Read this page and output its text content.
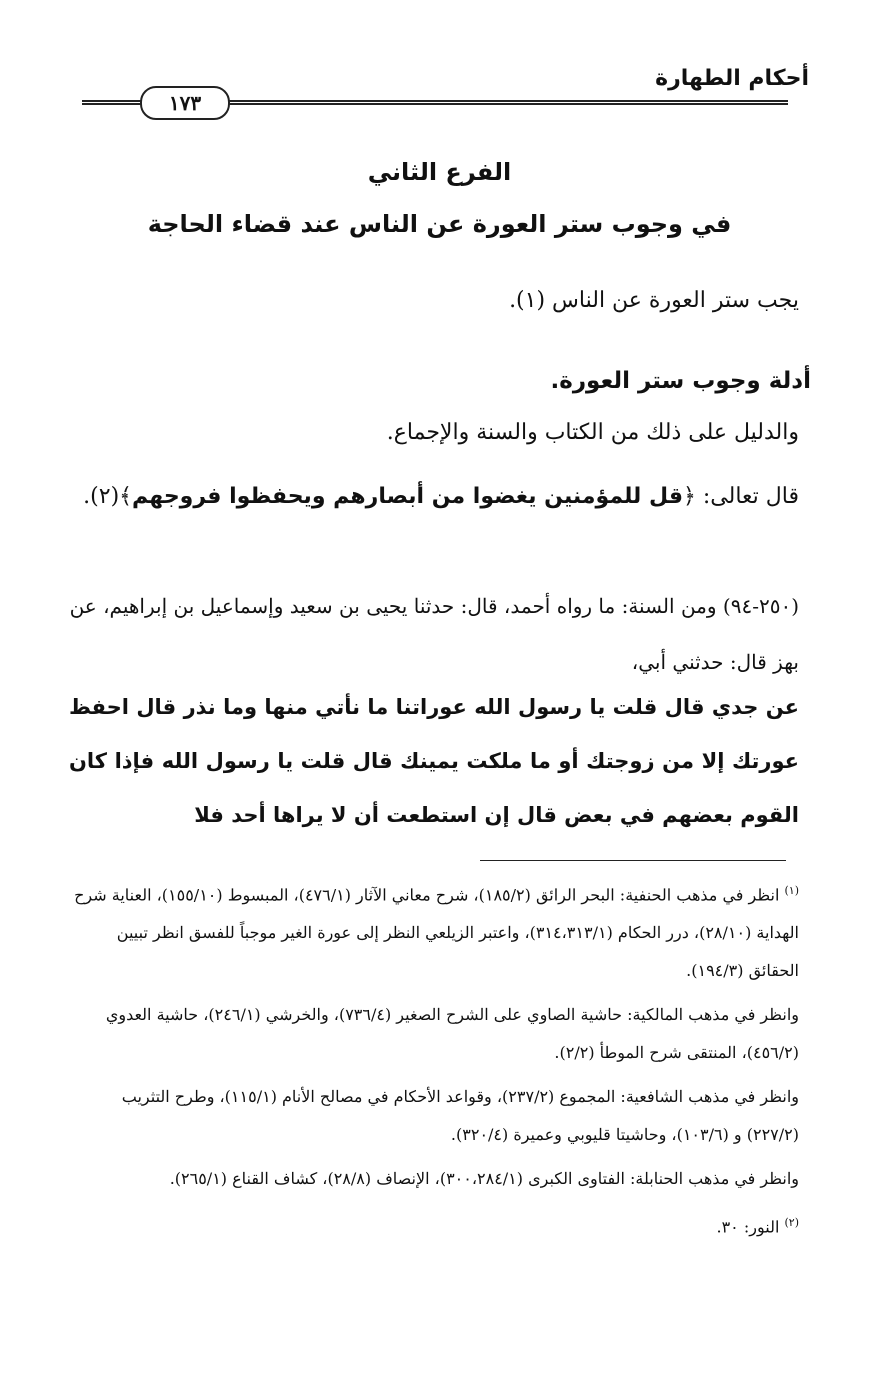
أحكام الطهارة
١٧٣
الفرع الثاني
في وجوب ستر العورة عن الناس عند قضاء الحاجة
يجب ستر العورة عن الناس (١).
أدلة وجوب ستر العورة.
والدليل على ذلك من الكتاب والسنة والإجماع.
قال تعالى: ﴿قل للمؤمنين يغضوا من أبصارهم ويحفظوا فروجهم﴾(٢).
(٢٥٠-٩٤) ومن السنة: ما رواه أحمد، قال: حدثنا يحيى بن سعيد وإسماعيل بن إبراهيم، عن بهز قال: حدثني أبي،
عن جدي قال قلت يا رسول الله عوراتنا ما نأتي منها وما نذر قال احفظ عورتك إلا من زوجتك أو ما ملكت يمينك قال قلت يا رسول الله فإذا كان القوم بعضهم في بعض قال إن استطعت أن لا يراها أحد فلا
$^{(١)}$ انظر في مذهب الحنفية: البحر الرائق (١٨٥/٢)، شرح معاني الآثار (٤٧٦/١)، المبسوط (١٥٥/١٠)، العناية شرح الهداية (٢٨/١٠)، درر الحكام (٣١٤،٣١٣/١)، واعتبر الزيلعي النظر إلى عورة الغير موجباً للفسق انظر تبيين الحقائق (١٩٤/٣).
وانظر في مذهب المالكية: حاشية الصاوي على الشرح الصغير (٧٣٦/٤)، والخرشي (٢٤٦/١)، حاشية العدوي (٤٥٦/٢)، المنتقى شرح الموطأ (٢/٢).
وانظر في مذهب الشافعية: المجموع (٢٣٧/٢)، وقواعد الأحكام في مصالح الأنام (١١٥/١)، وطرح التثريب (٢٢٧/٢) و (١٠٣/٦)، وحاشيتا قليوبي وعميرة (٣٢٠/٤).
وانظر في مذهب الحنابلة: الفتاوى الكبرى (٣٠٠،٢٨٤/١)، الإنصاف (٢٨/٨)، كشاف القناع (٢٦٥/١).
$^{(٢)}$ النور: ٣٠.
